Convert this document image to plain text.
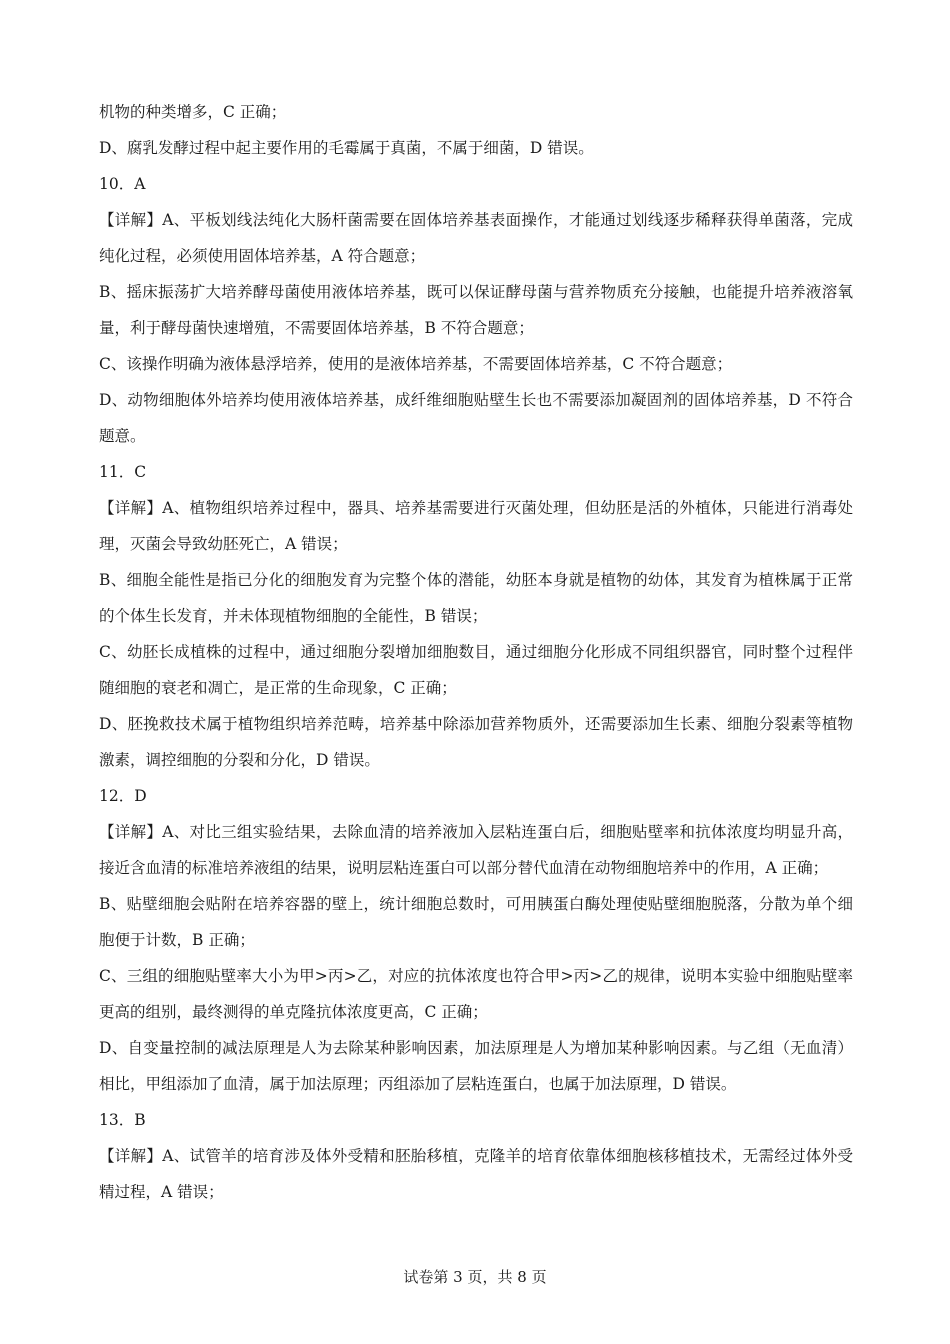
机物的种类增多，C 正确；

D、腐乳发酵过程中起主要作用的毛霉属于真菌，不属于细菌，D 错误。

10．A

【详解】A、平板划线法纯化大肠杆菌需要在固体培养基表面操作，才能通过划线逐步稀释获得单菌落，完成纯化过程，必须使用固体培养基，A 符合题意；

B、摇床振荡扩大培养酵母菌使用液体培养基，既可以保证酵母菌与营养物质充分接触，也能提升培养液溶氧量，利于酵母菌快速增殖，不需要固体培养基，B 不符合题意；

C、该操作明确为液体悬浮培养，使用的是液体培养基，不需要固体培养基，C 不符合题意；

D、动物细胞体外培养均使用液体培养基，成纤维细胞贴壁生长也不需要添加凝固剂的固体培养基，D 不符合题意。

11．C

【详解】A、植物组织培养过程中，器具、培养基需要进行灭菌处理，但幼胚是活的外植体，只能进行消毒处理，灭菌会导致幼胚死亡，A 错误；

B、细胞全能性是指已分化的细胞发育为完整个体的潜能，幼胚本身就是植物的幼体，其发育为植株属于正常的个体生长发育，并未体现植物细胞的全能性，B 错误；

C、幼胚长成植株的过程中，通过细胞分裂增加细胞数目，通过细胞分化形成不同组织器官，同时整个过程伴随细胞的衰老和凋亡，是正常的生命现象，C 正确；

D、胚挽救技术属于植物组织培养范畴，培养基中除添加营养物质外，还需要添加生长素、细胞分裂素等植物激素，调控细胞的分裂和分化，D 错误。

12．D

【详解】A、对比三组实验结果，去除血清的培养液加入层粘连蛋白后，细胞贴壁率和抗体浓度均明显升高，接近含血清的标准培养液组的结果，说明层粘连蛋白可以部分替代血清在动物细胞培养中的作用，A 正确；

B、贴壁细胞会贴附在培养容器的壁上，统计细胞总数时，可用胰蛋白酶处理使贴壁细胞脱落，分散为单个细胞便于计数，B 正确；

C、三组的细胞贴壁率大小为甲>丙>乙，对应的抗体浓度也符合甲>丙>乙的规律，说明本实验中细胞贴壁率更高的组别，最终测得的单克隆抗体浓度更高，C 正确；

D、自变量控制的减法原理是人为去除某种影响因素，加法原理是人为增加某种影响因素。与乙组（无血清）相比，甲组添加了血清，属于加法原理；丙组添加了层粘连蛋白，也属于加法原理，D 错误。

13．B

【详解】A、试管羊的培育涉及体外受精和胚胎移植，克隆羊的培育依靠体细胞核移植技术，无需经过体外受精过程，A 错误；

试卷第 3 页，共 8 页
